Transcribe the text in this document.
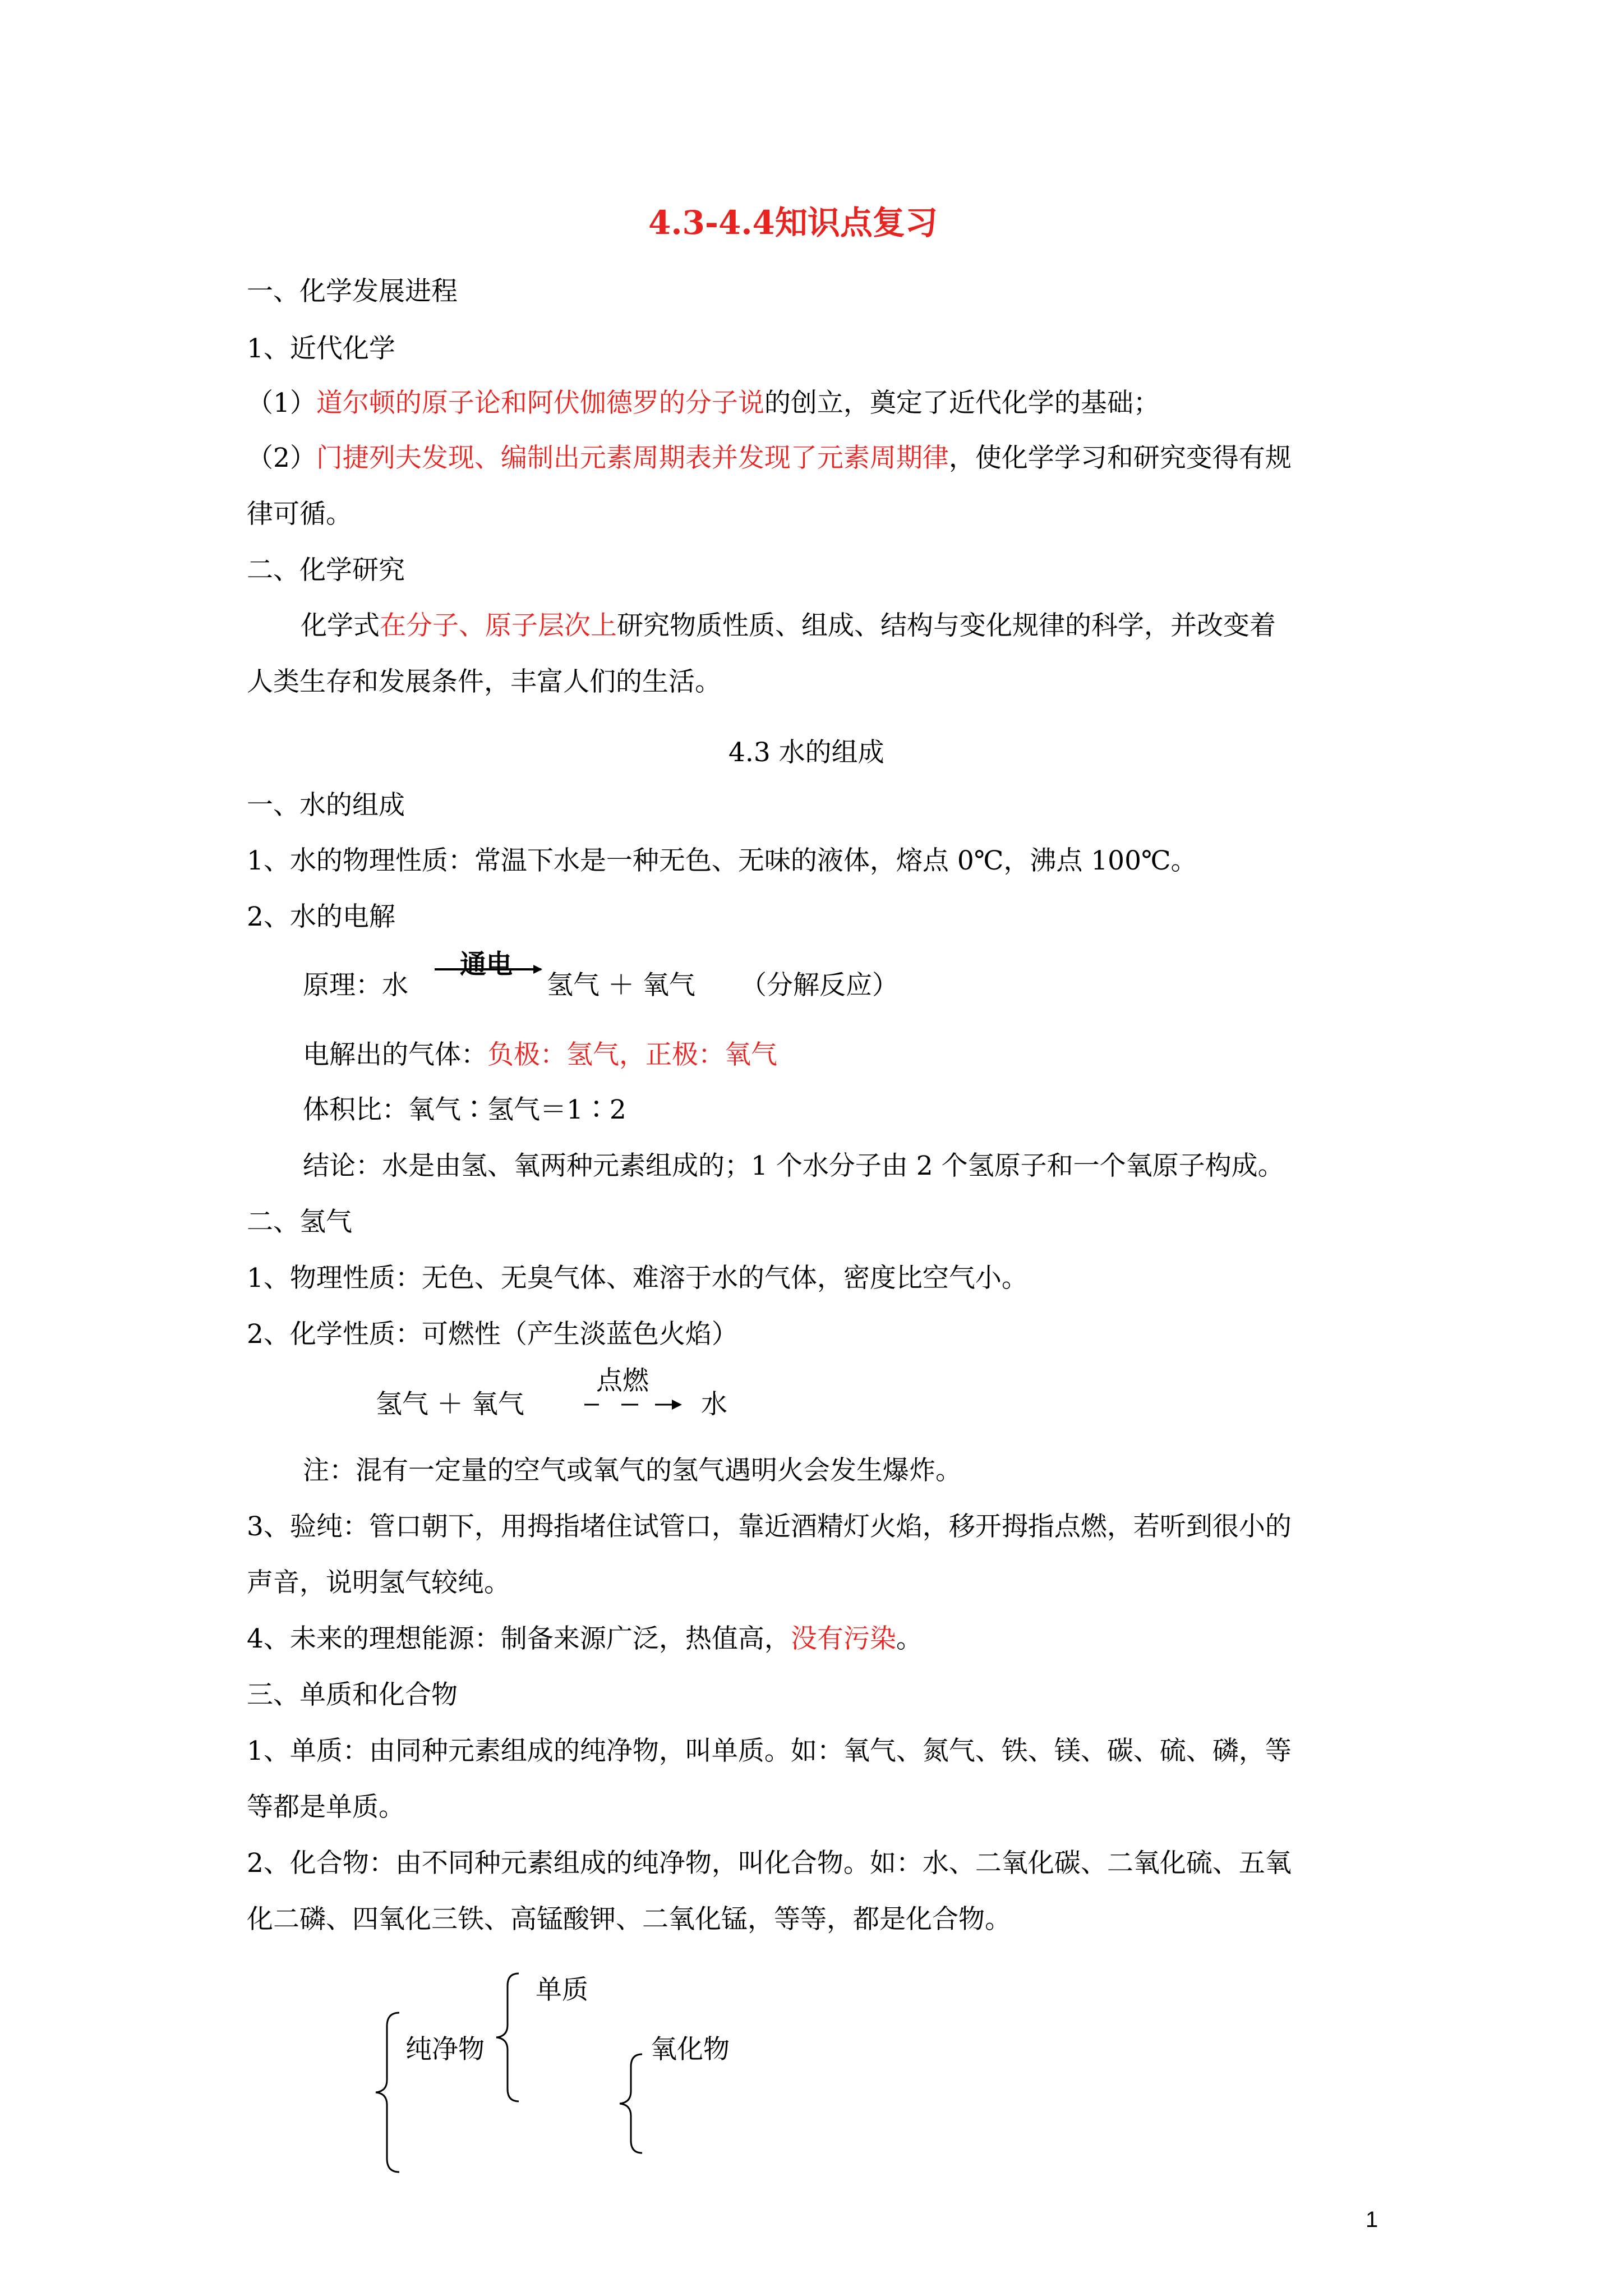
4.3-4.4知识点复习
一、化学发展进程
1、近代化学
（1）道尔顿的原子论和阿伏伽德罗的分子说的创立，奠定了近代化学的基础；
（2）门捷列夫发现、编制出元素周期表并发现了元素周期律，使化学学习和研究变得有规
律可循。
二、化学研究
化学式在分子、原子层次上研究物质性质、组成、结构与变化规律的科学，并改变着
人类生存和发展条件，丰富人们的生活。
4.3 水的组成
一、水的组成
1、水的物理性质：常温下水是一种无色、无味的液体，熔点 0℃，沸点 100℃。
2、水的电解
原理：水
通电
氢气 ＋ 氧气 （分解反应）
电解出的气体：负极：氢气，正极：氧气
体积比：氧气∶氢气＝1∶2
结论：水是由氢、氧两种元素组成的；1 个水分子由 2 个氢原子和一个氧原子构成。
二、氢气
1、物理性质：无色、无臭气体、难溶于水的气体，密度比空气小。
2、化学性质：可燃性（产生淡蓝色火焰）
氢气 ＋ 氧气
点燃
水
注：混有一定量的空气或氧气的氢气遇明火会发生爆炸。
3、验纯：管口朝下，用拇指堵住试管口，靠近酒精灯火焰，移开拇指点燃，若听到很小的
声音，说明氢气较纯。
4、未来的理想能源：制备来源广泛，热值高，没有污染。
三、单质和化合物
1、单质：由同种元素组成的纯净物，叫单质。如：氧气、氮气、铁、镁、碳、硫、磷，等
等都是单质。
2、化合物：由不同种元素组成的纯净物，叫化合物。如：水、二氧化碳、二氧化硫、五氧
化二磷、四氧化三铁、高锰酸钾、二氧化锰，等等，都是化合物。
单质
纯净物	氧化物
1
